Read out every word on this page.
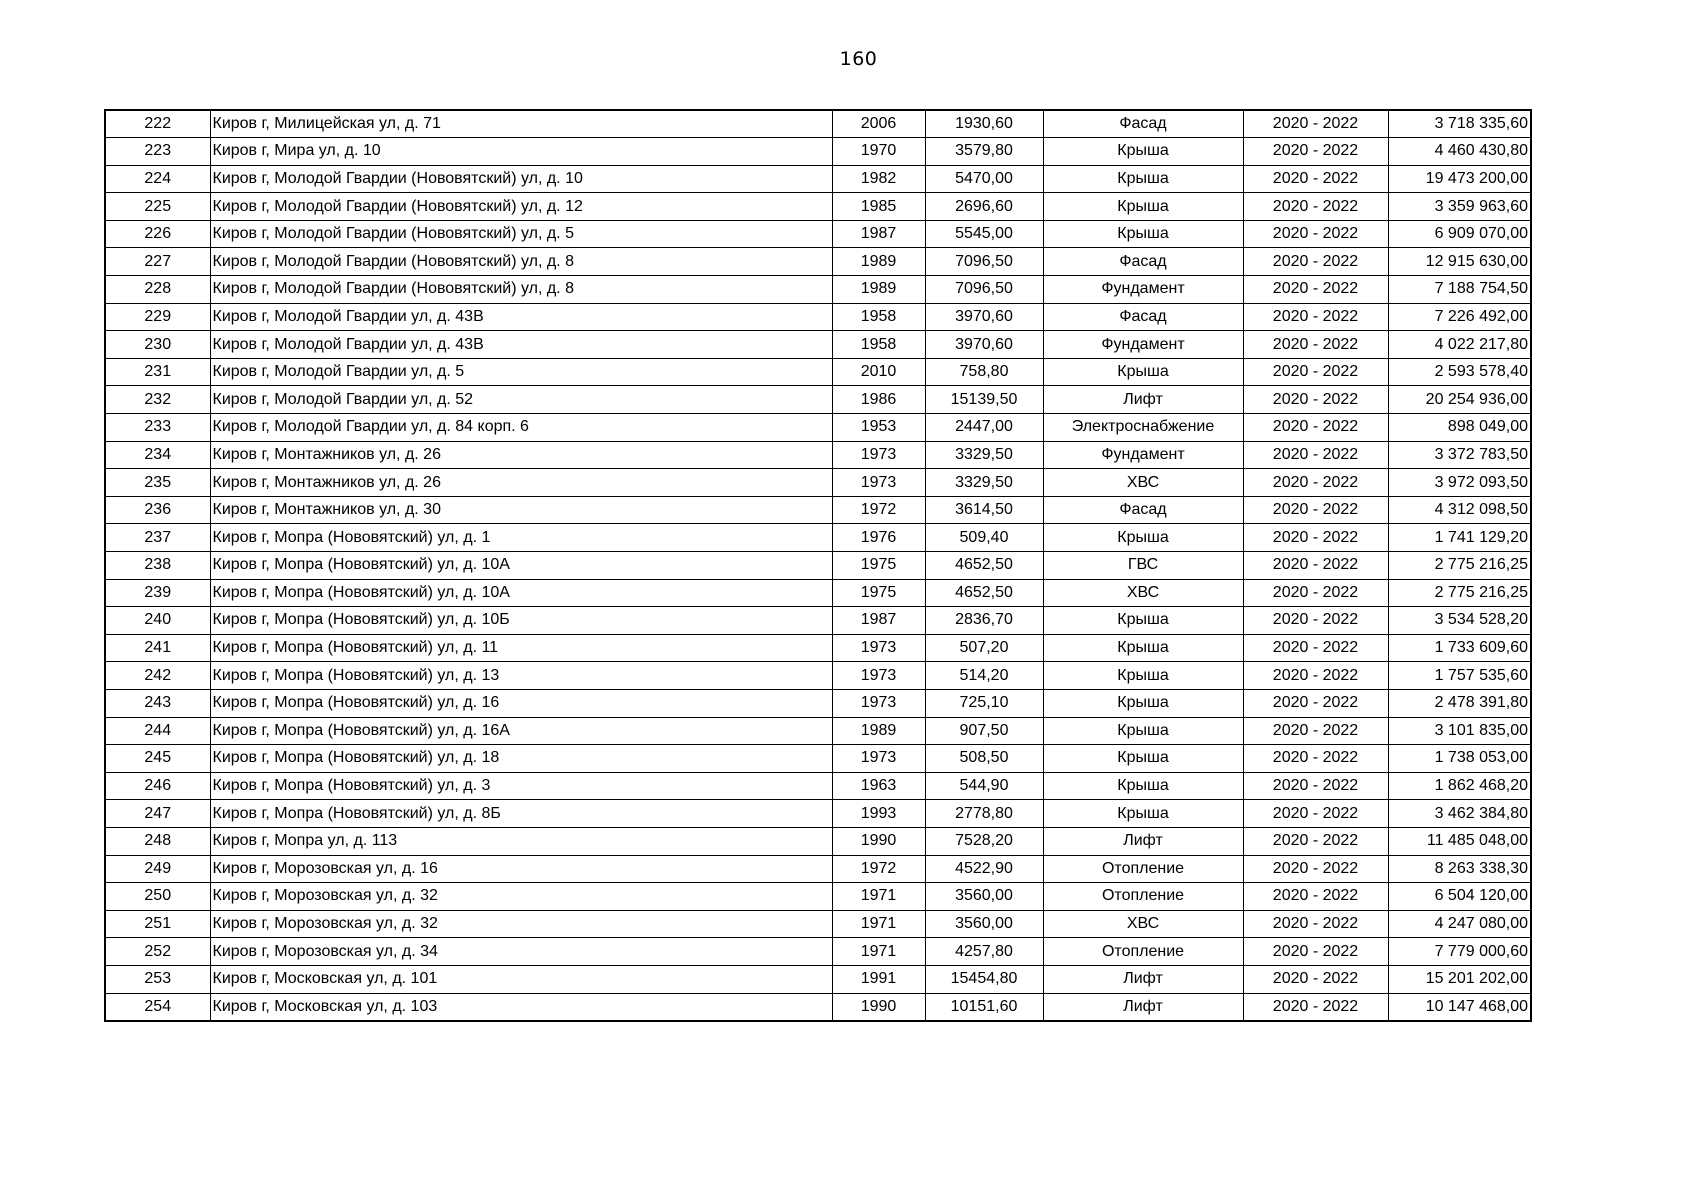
160
222	Киров г, Милицейская ул, д. 71	2006	1930,60	Фасад	2020 - 2022	3 718 335,60
223	Киров г, Мира ул, д. 10	1970	3579,80	Крыша	2020 - 2022	4 460 430,80
224	Киров г, Молодой Гвардии (Нововятский) ул, д. 10	1982	5470,00	Крыша	2020 - 2022	19 473 200,00
225	Киров г, Молодой Гвардии (Нововятский) ул, д. 12	1985	2696,60	Крыша	2020 - 2022	3 359 963,60
226	Киров г, Молодой Гвардии (Нововятский) ул, д. 5	1987	5545,00	Крыша	2020 - 2022	6 909 070,00
227	Киров г, Молодой Гвардии (Нововятский) ул, д. 8	1989	7096,50	Фасад	2020 - 2022	12 915 630,00
228	Киров г, Молодой Гвардии (Нововятский) ул, д. 8	1989	7096,50	Фундамент	2020 - 2022	7 188 754,50
229	Киров г, Молодой Гвардии ул, д. 43В	1958	3970,60	Фасад	2020 - 2022	7 226 492,00
230	Киров г, Молодой Гвардии ул, д. 43В	1958	3970,60	Фундамент	2020 - 2022	4 022 217,80
231	Киров г, Молодой Гвардии ул, д. 5	2010	758,80	Крыша	2020 - 2022	2 593 578,40
232	Киров г, Молодой Гвардии ул, д. 52	1986	15139,50	Лифт	2020 - 2022	20 254 936,00
233	Киров г, Молодой Гвардии ул, д. 84 корп. 6	1953	2447,00	Электроснабжение	2020 - 2022	898 049,00
234	Киров г, Монтажников ул, д. 26	1973	3329,50	Фундамент	2020 - 2022	3 372 783,50
235	Киров г, Монтажников ул, д. 26	1973	3329,50	ХВС	2020 - 2022	3 972 093,50
236	Киров г, Монтажников ул, д. 30	1972	3614,50	Фасад	2020 - 2022	4 312 098,50
237	Киров г, Мопра (Нововятский) ул, д. 1	1976	509,40	Крыша	2020 - 2022	1 741 129,20
238	Киров г, Мопра (Нововятский) ул, д. 10А	1975	4652,50	ГВС	2020 - 2022	2 775 216,25
239	Киров г, Мопра (Нововятский) ул, д. 10А	1975	4652,50	ХВС	2020 - 2022	2 775 216,25
240	Киров г, Мопра (Нововятский) ул, д. 10Б	1987	2836,70	Крыша	2020 - 2022	3 534 528,20
241	Киров г, Мопра (Нововятский) ул, д. 11	1973	507,20	Крыша	2020 - 2022	1 733 609,60
242	Киров г, Мопра (Нововятский) ул, д. 13	1973	514,20	Крыша	2020 - 2022	1 757 535,60
243	Киров г, Мопра (Нововятский) ул, д. 16	1973	725,10	Крыша	2020 - 2022	2 478 391,80
244	Киров г, Мопра (Нововятский) ул, д. 16А	1989	907,50	Крыша	2020 - 2022	3 101 835,00
245	Киров г, Мопра (Нововятский) ул, д. 18	1973	508,50	Крыша	2020 - 2022	1 738 053,00
246	Киров г, Мопра (Нововятский) ул, д. 3	1963	544,90	Крыша	2020 - 2022	1 862 468,20
247	Киров г, Мопра (Нововятский) ул, д. 8Б	1993	2778,80	Крыша	2020 - 2022	3 462 384,80
248	Киров г, Мопра ул, д. 113	1990	7528,20	Лифт	2020 - 2022	11 485 048,00
249	Киров г, Морозовская ул, д. 16	1972	4522,90	Отопление	2020 - 2022	8 263 338,30
250	Киров г, Морозовская ул, д. 32	1971	3560,00	Отопление	2020 - 2022	6 504 120,00
251	Киров г, Морозовская ул, д. 32	1971	3560,00	ХВС	2020 - 2022	4 247 080,00
252	Киров г, Морозовская ул, д. 34	1971	4257,80	Отопление	2020 - 2022	7 779 000,60
253	Киров г, Московская ул, д. 101	1991	15454,80	Лифт	2020 - 2022	15 201 202,00
254	Киров г, Московская ул, д. 103	1990	10151,60	Лифт	2020 - 2022	10 147 468,00
